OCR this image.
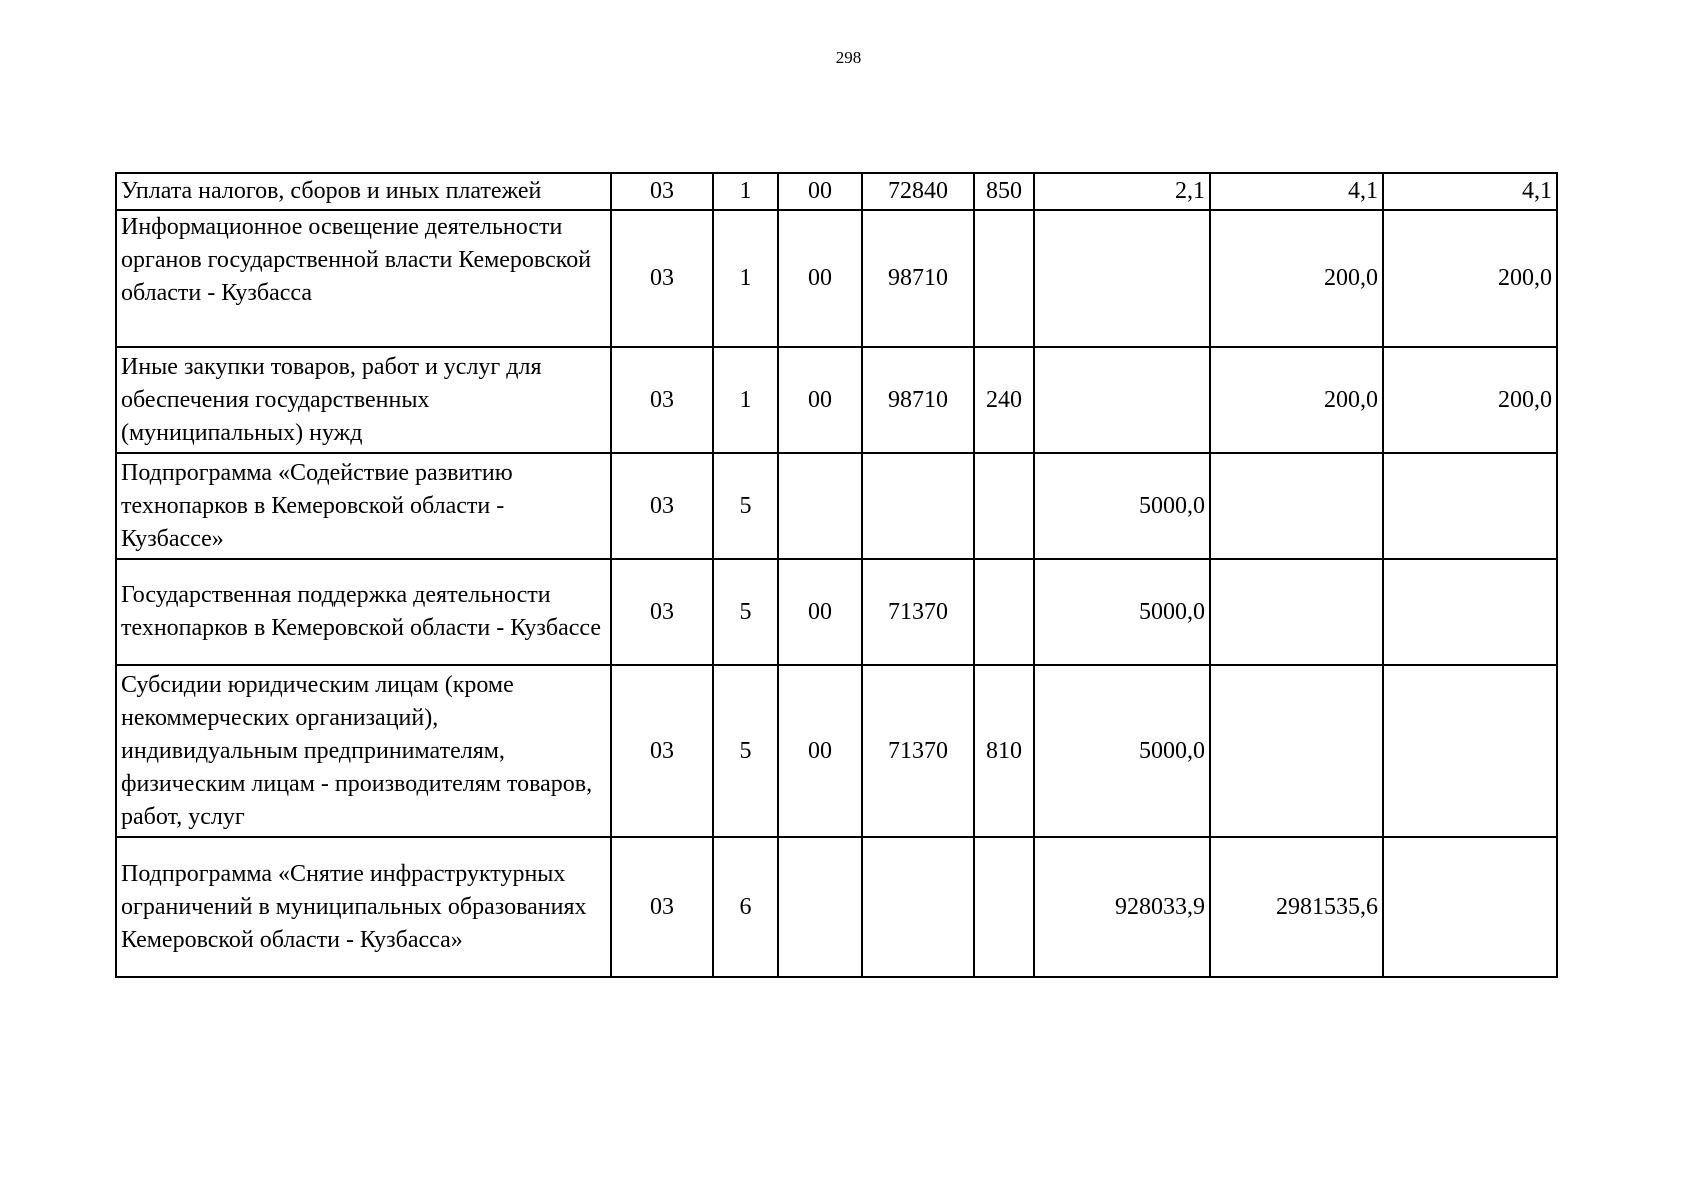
298
Уплата налогов, сборов и иных платежей	03	1	00	72840	850	2,1	4,1	4,1
Информационное освещение деятельности органов государственной власти Кемеровской области - Кузбасса	03	1	00	98710			200,0	200,0
Иные закупки товаров, работ и услуг для обеспечения государственных (муниципальных) нужд	03	1	00	98710	240		200,0	200,0
Подпрограмма «Содействие развитию технопарков в Кемеровской области - Кузбассе»	03	5				5000,0		
Государственная поддержка деятельности технопарков в Кемеровской области - Кузбассе	03	5	00	71370		5000,0		
Субсидии юридическим лицам (кроме некоммерческих организаций), индивидуальным предпринимателям, физическим лицам - производителям товаров, работ, услуг	03	5	00	71370	810	5000,0		
Подпрограмма «Снятие инфраструктурных ограничений в муниципальных образованиях Кемеровской области - Кузбасса»	03	6				928033,9	2981535,6	
